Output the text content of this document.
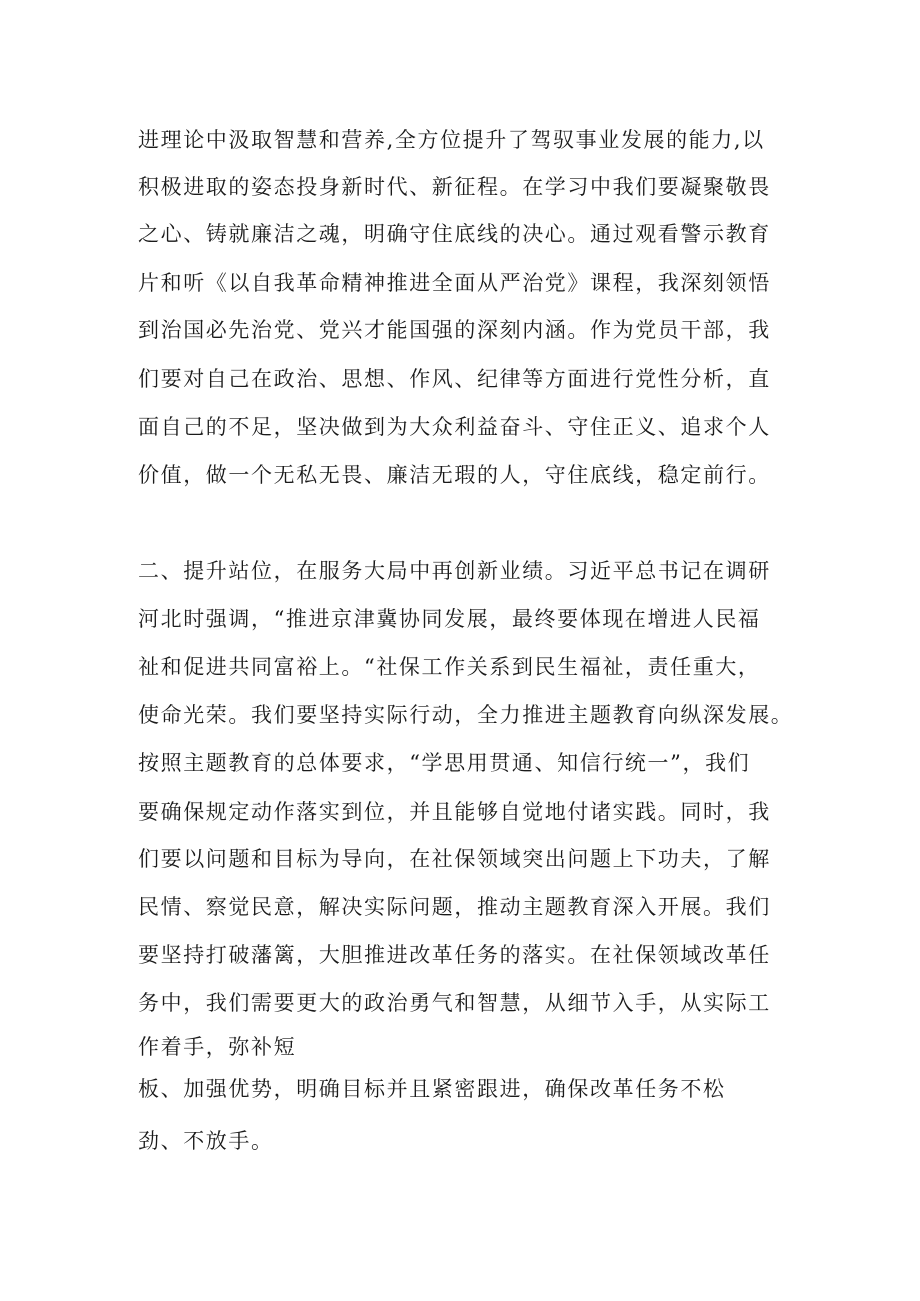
进理论中汲取智慧和营养,全方位提升了驾驭事业发展的能力,以
积极进取的姿态投身新时代、新征程。在学习中我们要凝聚敬畏
之心、铸就廉洁之魂，明确守住底线的决心。通过观看警示教育
片和听《以自我革命精神推进全面从严治党》课程，我深刻领悟
到治国必先治党、党兴才能国强的深刻内涵。作为党员干部，我
们要对自己在政治、思想、作风、纪律等方面进行党性分析，直
面自己的不足，坚决做到为大众利益奋斗、守住正义、追求个人
价值，做一个无私无畏、廉洁无瑕的人，守住底线，稳定前行。
二、提升站位，在服务大局中再创新业绩。习近平总书记在调研
河北时强调，“推进京津冀协同发展，最终要体现在增进人民福
祉和促进共同富裕上。“社保工作关系到民生福祉，责任重大，
使命光荣。我们要坚持实际行动，全力推进主题教育向纵深发展。
按照主题教育的总体要求，“学思用贯通、知信行统一”，我们
要确保规定动作落实到位，并且能够自觉地付诸实践。同时，我
们要以问题和目标为导向，在社保领域突出问题上下功夫，了解
民情、察觉民意，解决实际问题，推动主题教育深入开展。我们
要坚持打破藩篱，大胆推进改革任务的落实。在社保领域改革任
务中，我们需要更大的政治勇气和智慧，从细节入手，从实际工
作着手，弥补短
板、加强优势，明确目标并且紧密跟进，确保改革任务不松
劲、不放手。
